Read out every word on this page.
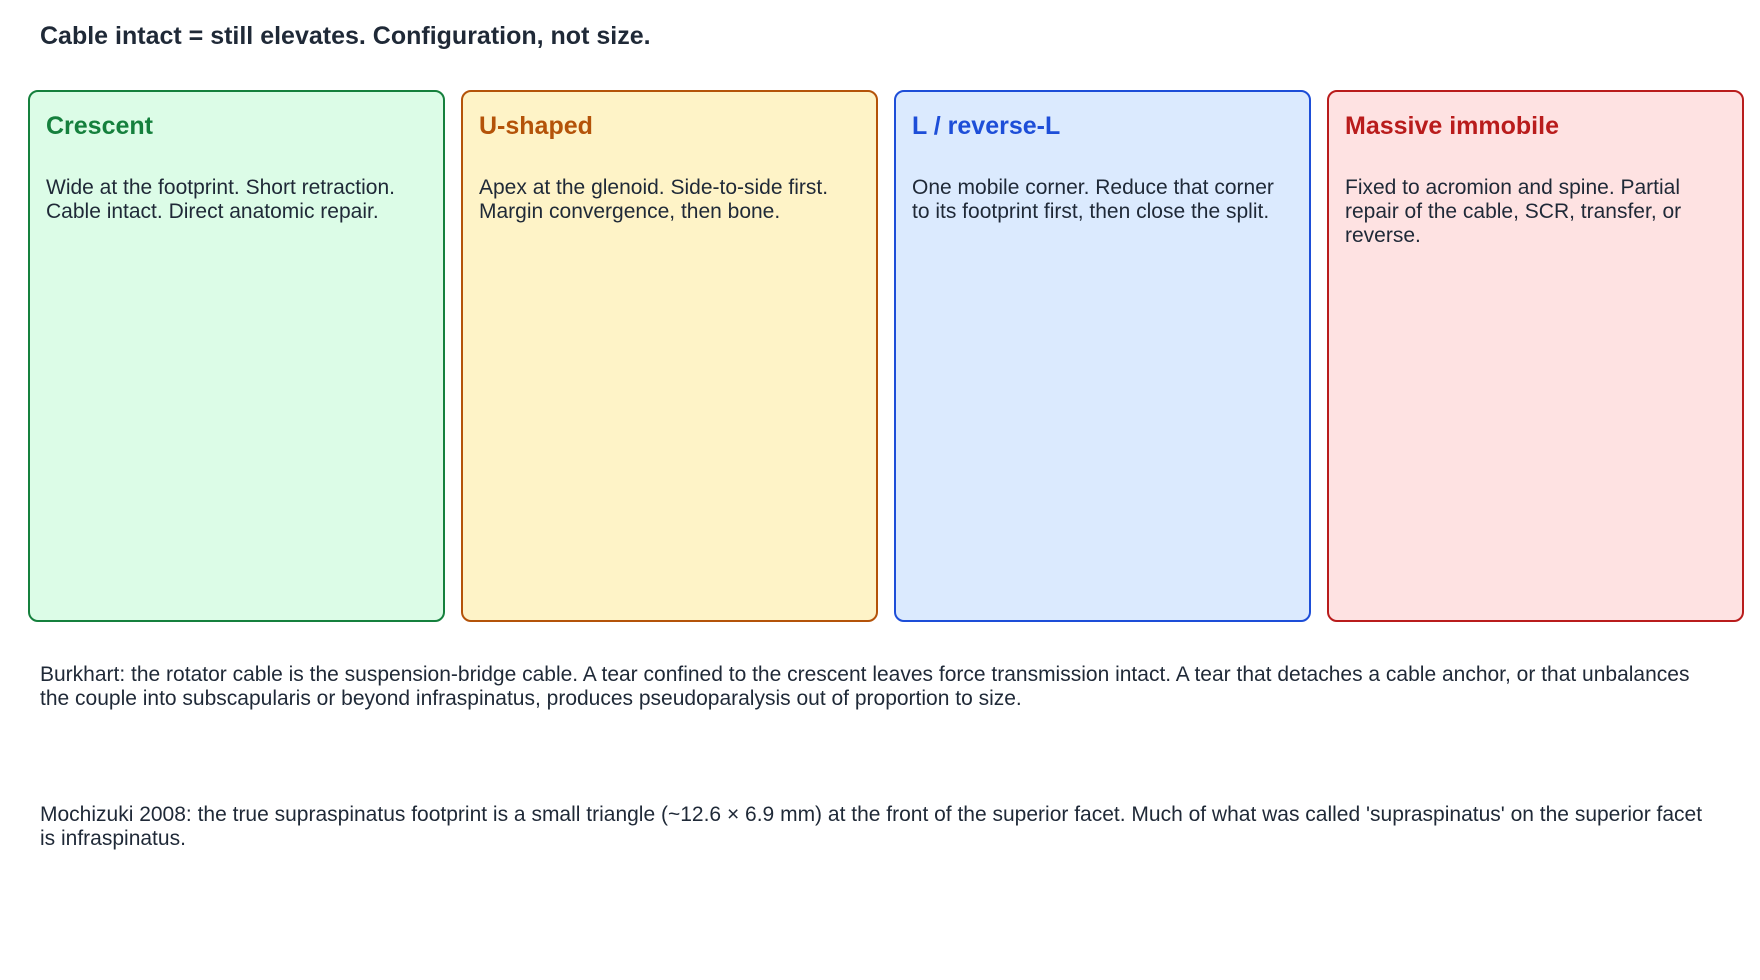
Cable intact = still elevates. Configuration, not size.
Crescent

Wide at the footprint. Short retraction. Cable intact. Direct anatomic repair.

U-shaped

Apex at the glenoid. Side-to-side first. Margin convergence, then bone.

L / reverse-L

One mobile corner. Reduce that corner to its footprint first, then close the split.

Massive immobile

Fixed to acromion and spine. Partial repair of the cable, SCR, transfer, or reverse.

Burkhart: the rotator cable is the suspension-bridge cable. A tear confined to the crescent leaves force transmission intact. A tear that detaches a cable anchor, or that unbalances the couple into subscapularis or beyond infraspinatus, produces pseudoparalysis out of proportion to size.

Mochizuki 2008: the true supraspinatus footprint is a small triangle (~12.6 × 6.9 mm) at the front of the superior facet. Much of what was called 'supraspinatus' on the superior facet is infraspinatus.
